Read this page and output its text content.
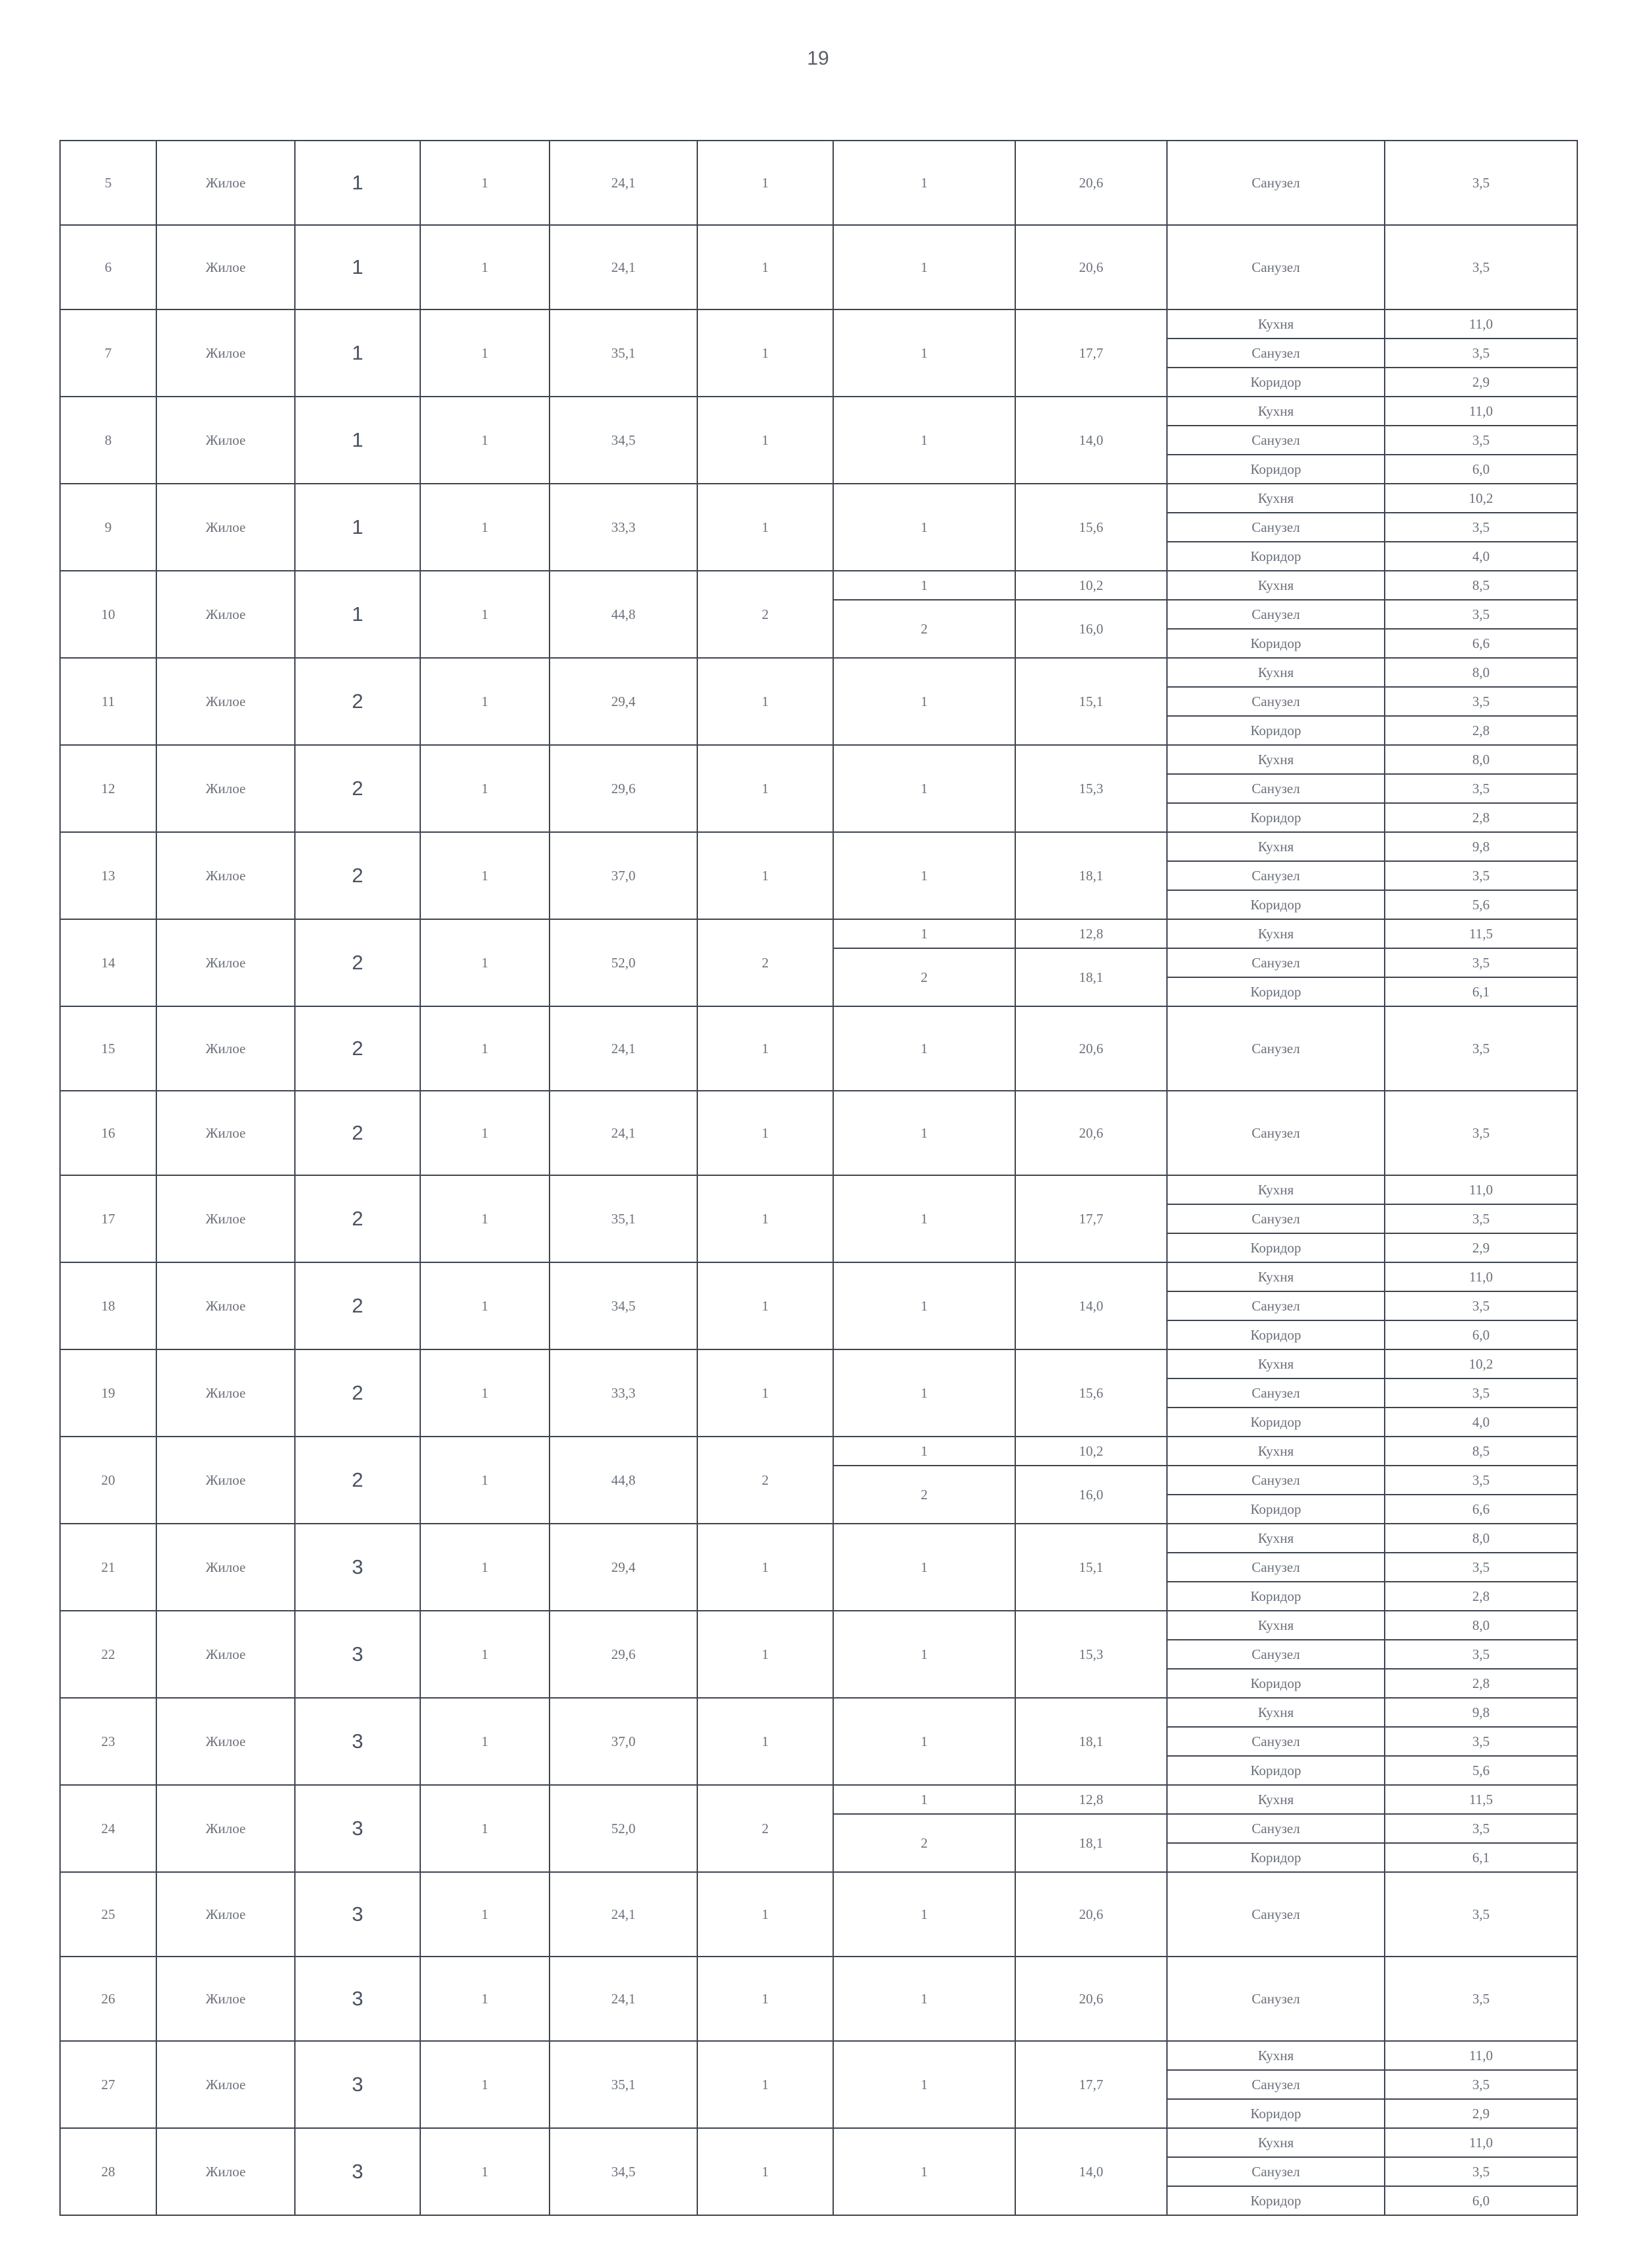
19
5	Жилое	1	1	24,1	1	1	20,6	Санузел	3,5
6	Жилое	1	1	24,1	1	1	20,6	Санузел	3,5
7	Жилое	1	1	35,1	1	1	17,7	Кухня	11,0
								Санузел	3,5
								Коридор	2,9
8	Жилое	1	1	34,5	1	1	14,0	Кухня	11,0
								Санузел	3,5
								Коридор	6,0
9	Жилое	1	1	33,3	1	1	15,6	Кухня	10,2
								Санузел	3,5
								Коридор	4,0
10	Жилое	1	1	44,8	2	1	10,2	Кухня	8,5
						2	16,0	Санузел	3,5
								Коридор	6,6
11	Жилое	2	1	29,4	1	1	15,1	Кухня	8,0
								Санузел	3,5
								Коридор	2,8
12	Жилое	2	1	29,6	1	1	15,3	Кухня	8,0
								Санузел	3,5
								Коридор	2,8
13	Жилое	2	1	37,0	1	1	18,1	Кухня	9,8
								Санузел	3,5
								Коридор	5,6
14	Жилое	2	1	52,0	2	1	12,8	Кухня	11,5
						2	18,1	Санузел	3,5
								Коридор	6,1
15	Жилое	2	1	24,1	1	1	20,6	Санузел	3,5
16	Жилое	2	1	24,1	1	1	20,6	Санузел	3,5
17	Жилое	2	1	35,1	1	1	17,7	Кухня	11,0
								Санузел	3,5
								Коридор	2,9
18	Жилое	2	1	34,5	1	1	14,0	Кухня	11,0
								Санузел	3,5
								Коридор	6,0
19	Жилое	2	1	33,3	1	1	15,6	Кухня	10,2
								Санузел	3,5
								Коридор	4,0
20	Жилое	2	1	44,8	2	1	10,2	Кухня	8,5
						2	16,0	Санузел	3,5
								Коридор	6,6
21	Жилое	3	1	29,4	1	1	15,1	Кухня	8,0
								Санузел	3,5
								Коридор	2,8
22	Жилое	3	1	29,6	1	1	15,3	Кухня	8,0
								Санузел	3,5
								Коридор	2,8
23	Жилое	3	1	37,0	1	1	18,1	Кухня	9,8
								Санузел	3,5
								Коридор	5,6
24	Жилое	3	1	52,0	2	1	12,8	Кухня	11,5
						2	18,1	Санузел	3,5
								Коридор	6,1
25	Жилое	3	1	24,1	1	1	20,6	Санузел	3,5
26	Жилое	3	1	24,1	1	1	20,6	Санузел	3,5
27	Жилое	3	1	35,1	1	1	17,7	Кухня	11,0
								Санузел	3,5
								Коридор	2,9
28	Жилое	3	1	34,5	1	1	14,0	Кухня	11,0
								Санузел	3,5
								Коридор	6,0
